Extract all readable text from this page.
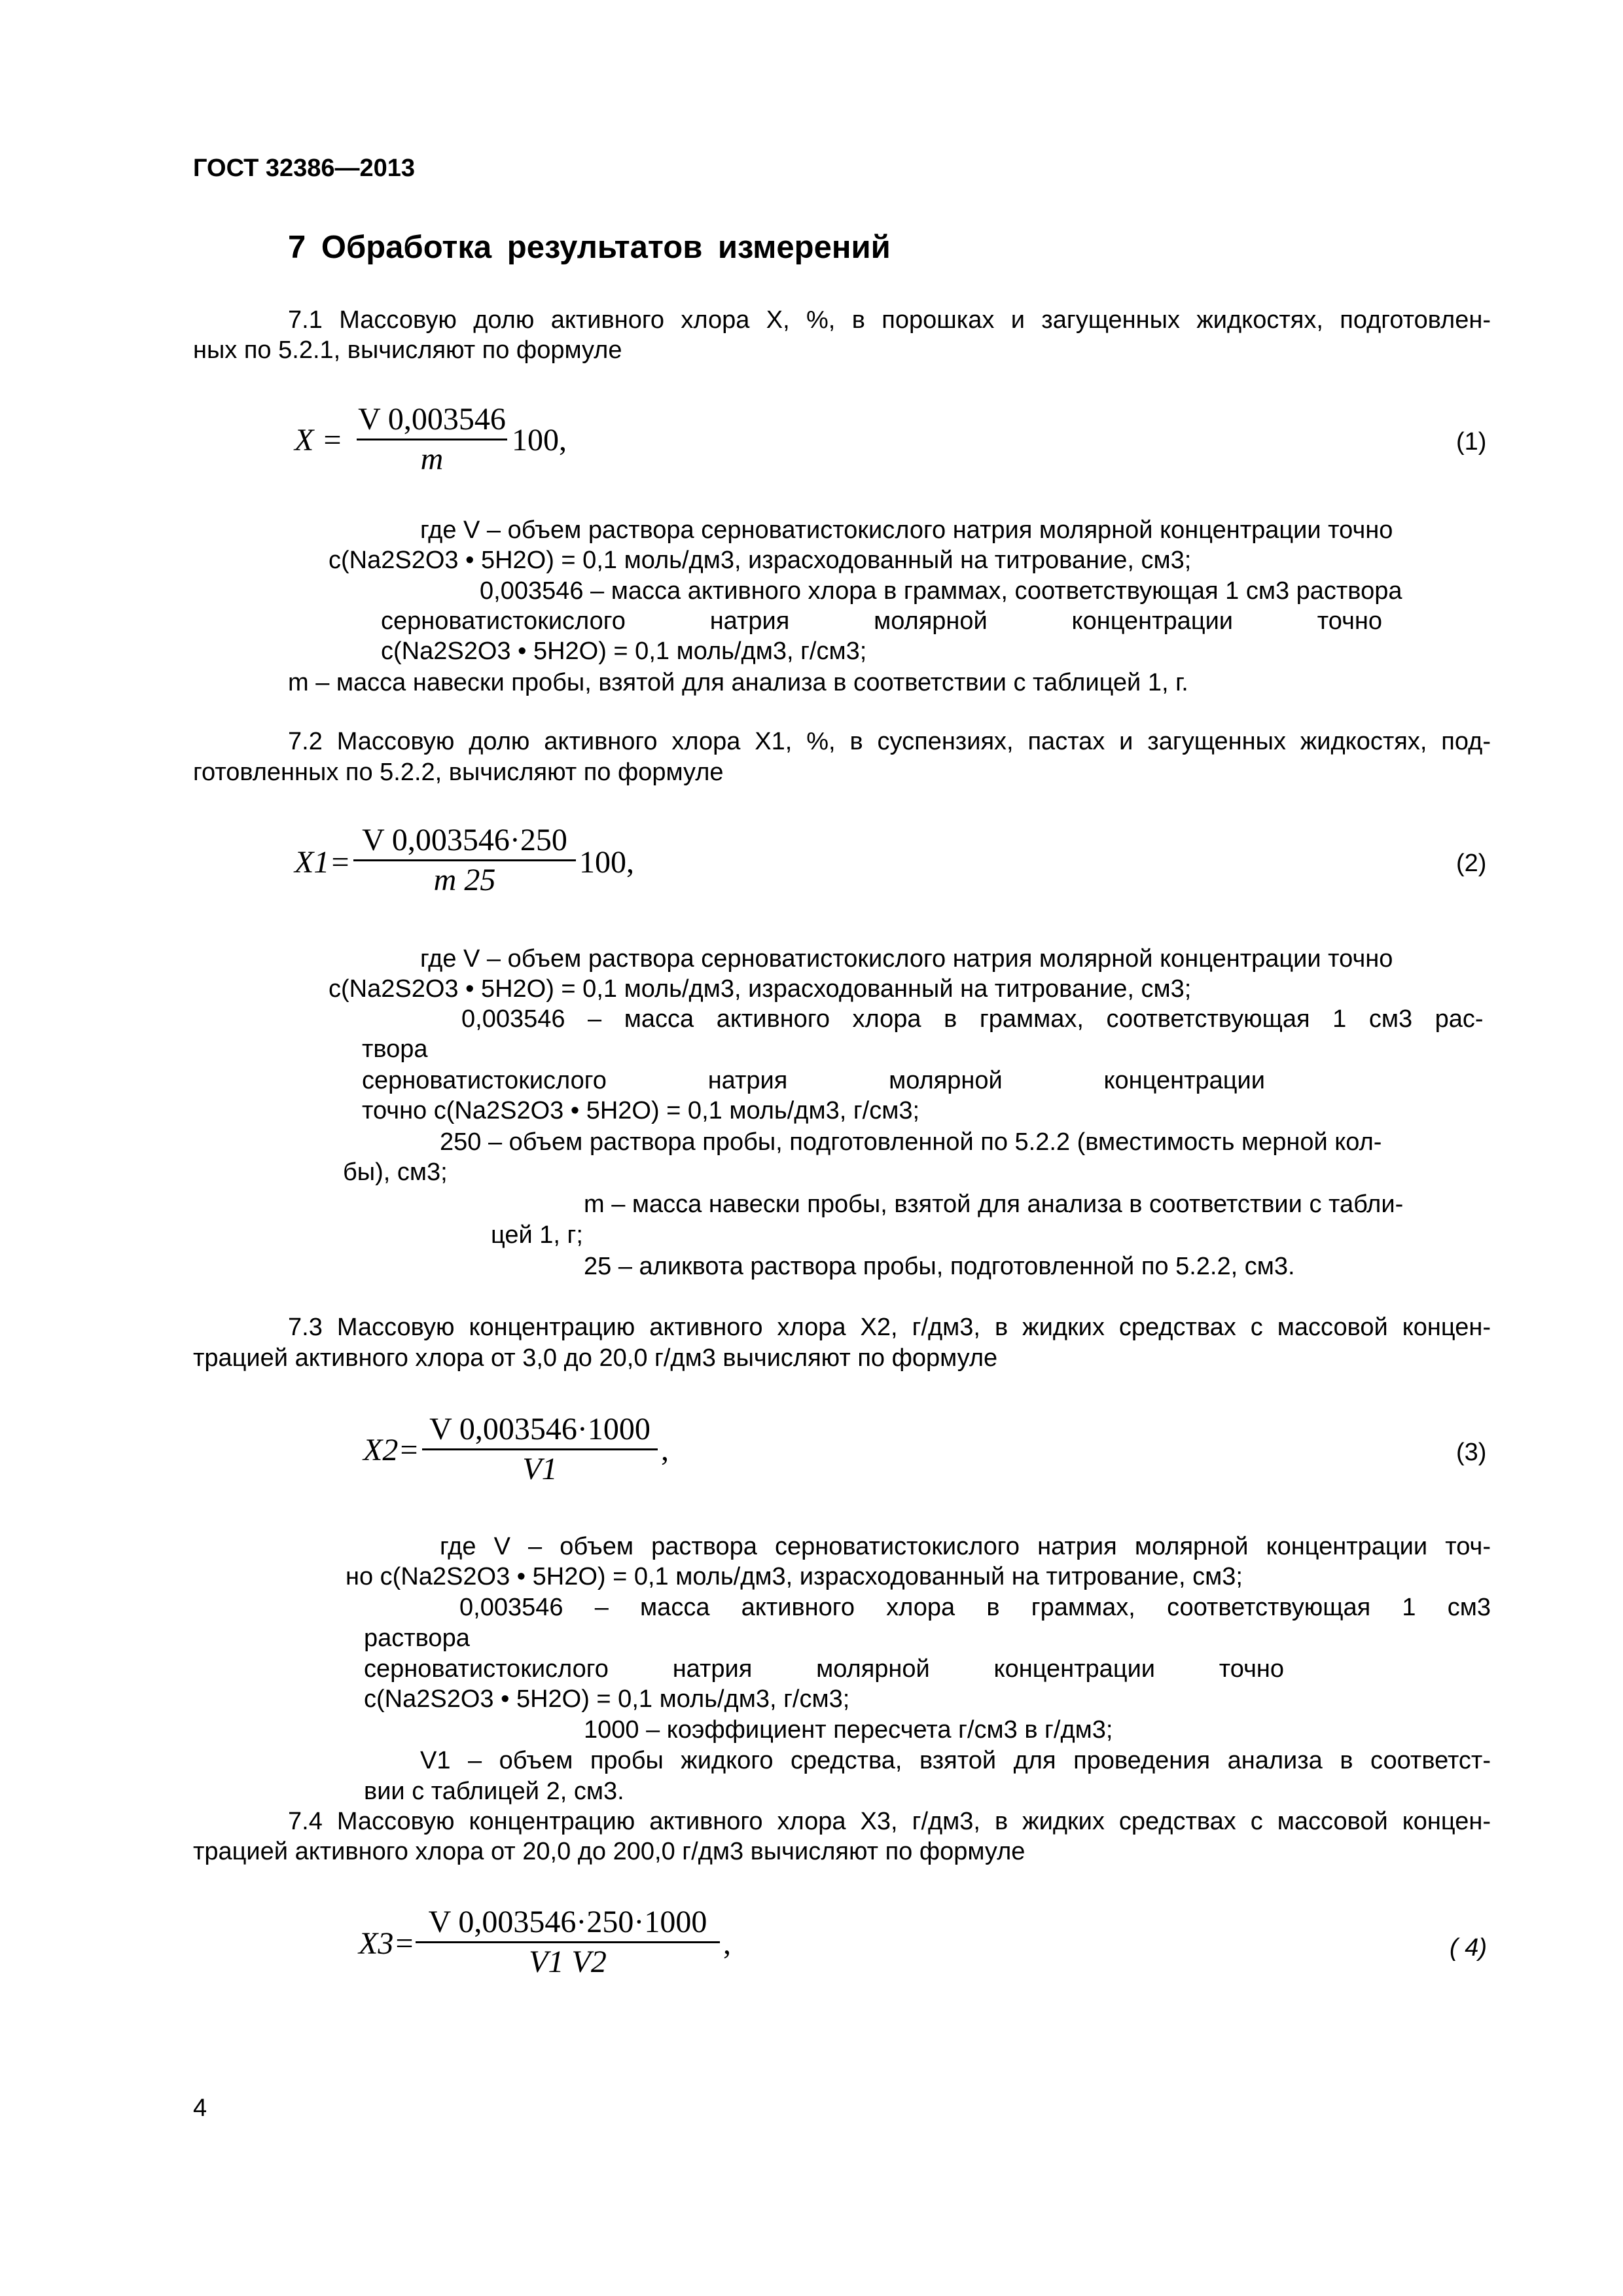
ГОСТ 32386—2013
7 Обработка результатов измерений
7.1 Массовую долю активного хлора X, %, в порошках и загущенных жидкостях, подготовлен-
ных по 5.2.1, вычисляют по формуле
X =
V 0,003546
m
100,	(1)
где V – объем раствора серноватистокислого натрия молярной концентрации точно
c(Na2S2O3 • 5H2O) = 0,1 моль/дм3, израсходованный на титрование, см3;
0,003546 – масса активного хлора в граммах, соответствующая 1 см3 раствора
серноватистокислого натрия молярной концентрации точно
c(Na2S2O3 • 5H2O) = 0,1 моль/дм3, г/см3;
m – масса навески пробы, взятой для анализа в соответствии с таблицей 1, г.
7.2 Массовую долю активного хлора X1, %, в суспензиях, пастах и загущенных жидкостях, под-
готовленных по 5.2.2, вычисляют по формуле
X1=
V 0,003546·250
m 25
100,	(2)
где V – объем раствора серноватистокислого натрия молярной концентрации точно
c(Na2S2O3 • 5H2O) = 0,1 моль/дм3, израсходованный на титрование, см3;
0,003546 – масса активного хлора в граммах, соответствующая 1 см3 рас-
твора
серноватистокислого натрия молярной концентрации
точно c(Na2S2O3 • 5H2O) = 0,1 моль/дм3, г/см3;
250 – объем раствора пробы, подготовленной по 5.2.2 (вместимость мерной кол-
бы), см3;
m – масса навески пробы, взятой для анализа в соответствии с табли-
цей 1, г;
25 – аликвота раствора пробы, подготовленной по 5.2.2, см3.
7.3 Массовую концентрацию активного хлора X2, г/дм3, в жидких средствах с массовой концен-
трацией активного хлора от 3,0 до 20,0 г/дм3 вычисляют по формуле
X2=
V 0,003546·1000
V1
,	(3)
где V – объем раствора серноватистокислого натрия молярной концентрации точ-
но c(Na2S2O3 • 5H2O) = 0,1 моль/дм3, израсходованный на титрование, см3;
0,003546 – масса активного хлора в граммах, соответствующая 1 см3
раствора
серноватистокислого натрия молярной концентрации точно
c(Na2S2O3 • 5H2O) = 0,1 моль/дм3, г/см3;
1000 – коэффициент пересчета г/см3 в г/дм3;
V1 – объем пробы жидкого средства, взятой для проведения анализа в соответст-
вии с таблицей 2, см3.
7.4 Массовую концентрацию активного хлора X3, г/дм3, в жидких средствах с массовой концен-
трацией активного хлора от 20,0 до 200,0 г/дм3 вычисляют по формуле
X3=
V 0,003546·250·1000
V1 V2
,	( 4)
4
